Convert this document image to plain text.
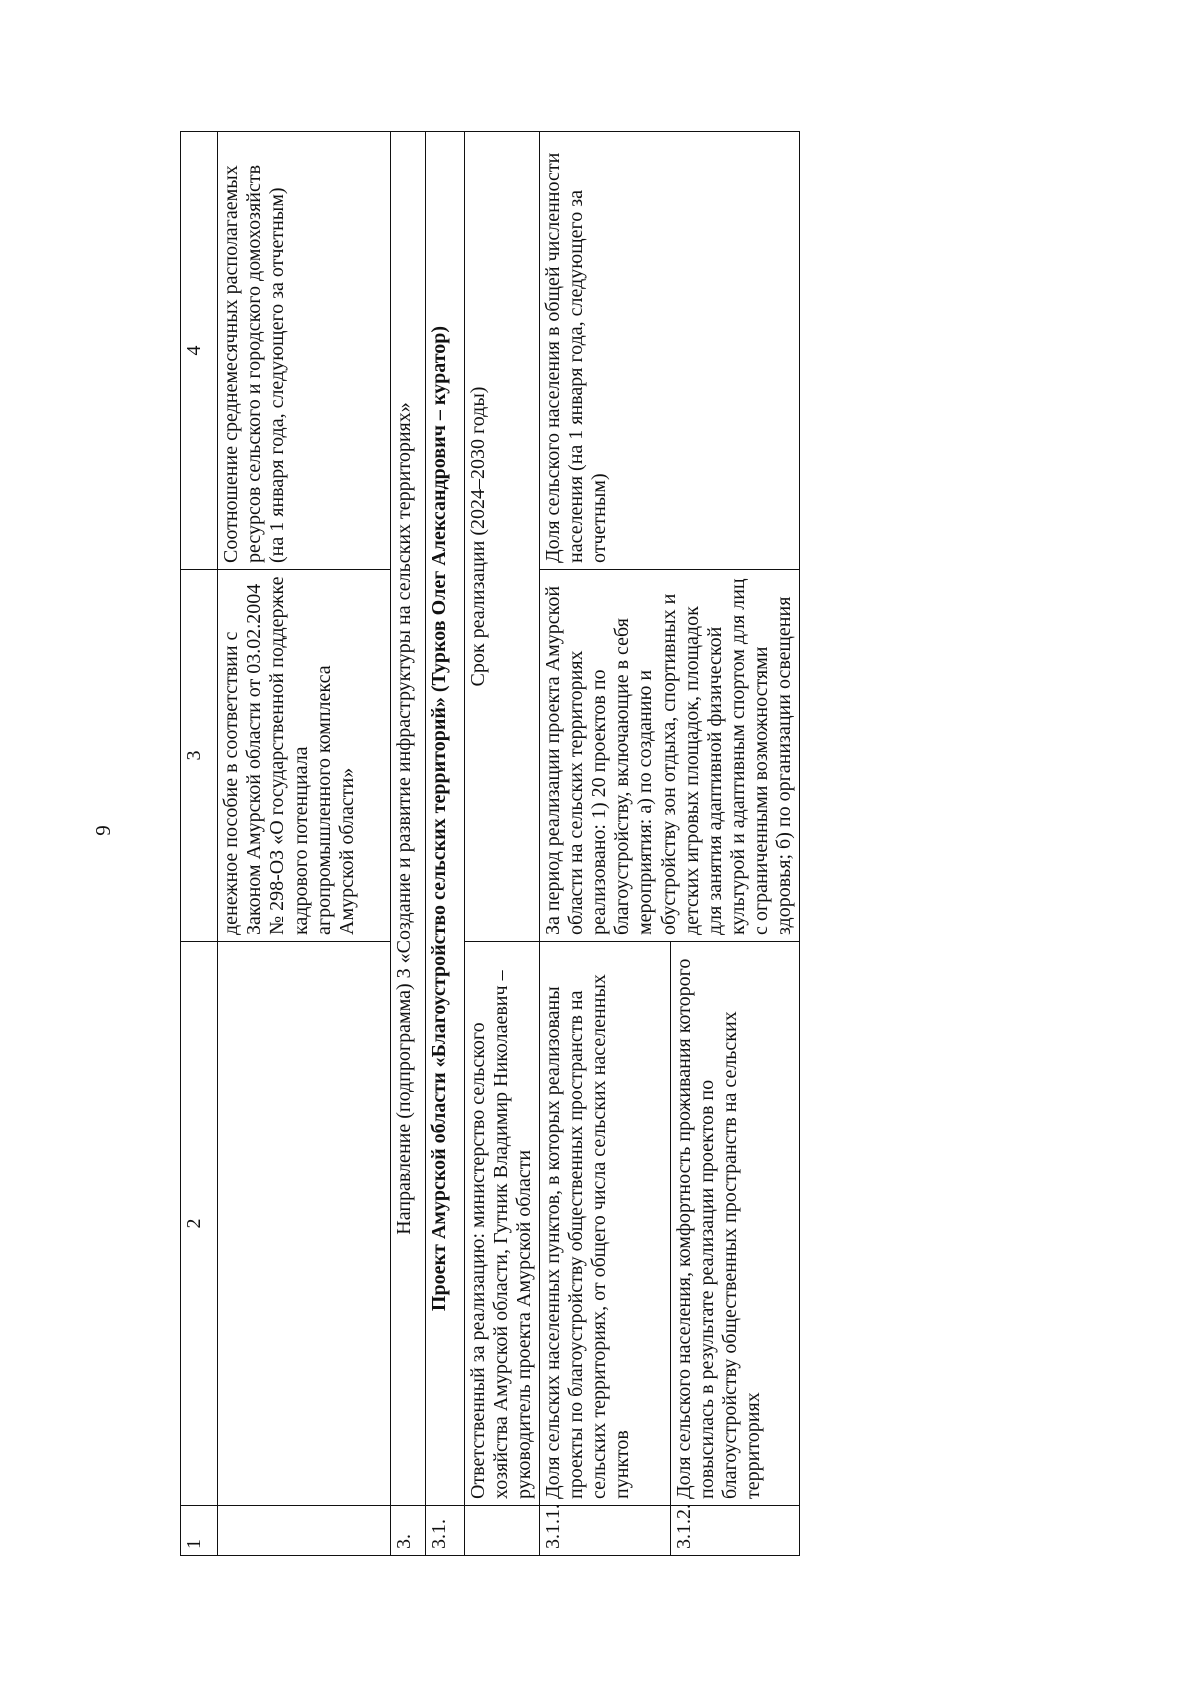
9
1	2	3	4
		денежное пособие в соответствии с Законом Амурской области от 03.02.2004 № 298-ОЗ «О государственной поддержке кадрового потенциала агропромышленного комплекса Амурской области»	Соотношение среднемесячных располагаемых ресурсов сельского и городского домохозяйств (на 1 января года, следующего за отчетным)
3.	Направление (подпрограмма) 3 «Создание и развитие инфраструктуры на сельских территориях»		
3.1.	Проект Амурской области «Благоустройство сельских территорий» (Турков Олег Александрович – куратор)		
	Ответственный за реализацию: министерство сельского хозяйства Амурской области, Гутник Владимир Николаевич – руководитель проекта Амурской области	Срок реализации (2024–2030 годы)	
3.1.1.	Доля сельских населенных пунктов, в которых реализованы проекты по благоустройству общественных пространств на сельских территориях, от общего числа сельских населенных пунктов	За период реализации проекта Амурской области на сельских территориях реализовано: 1) 20 проектов по благоустройству, включающие в себя мероприятия: а) по созданию и обустройству зон отдыха, спортивных и детских игровых площадок, площадок для занятия адаптивной физической культурой и адаптивным спортом для лиц с ограниченными возможностями здоровья; б) по организации освещения	Доля сельского населения в общей численности населения (на 1 января года, следующего за отчетным)
3.1.2.	Доля сельского населения, комфортность проживания которого повысилась в результате реализации проектов по благоустройству общественных пространств на сельских территориях		
